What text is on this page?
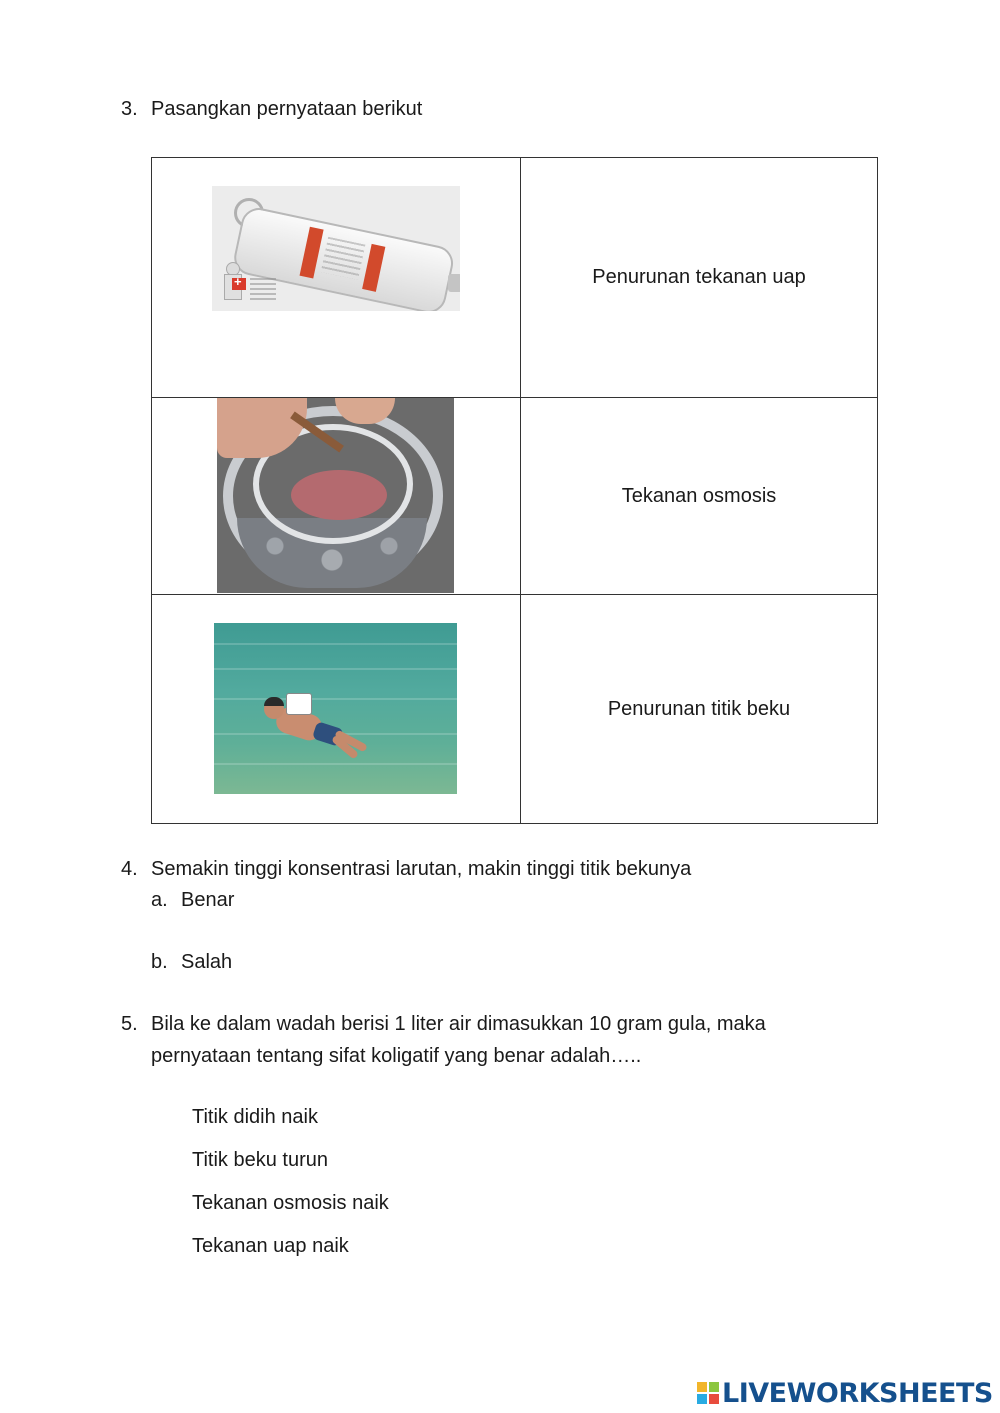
3. Pasangkan pernyataan berikut
+
Penurunan tekanan uap
Tekanan osmosis
Penurunan titik beku
4. Semakin tinggi konsentrasi larutan, makin tinggi titik bekunya
a. Benar
b. Salah
5. Bila ke dalam wadah berisi 1 liter air dimasukkan 10 gram gula, maka
pernyataan tentang sifat koligatif yang benar adalah…..
Titik didih naik
Titik beku turun
Tekanan osmosis naik
Tekanan uap naik
LIVEWORKSHEETS
